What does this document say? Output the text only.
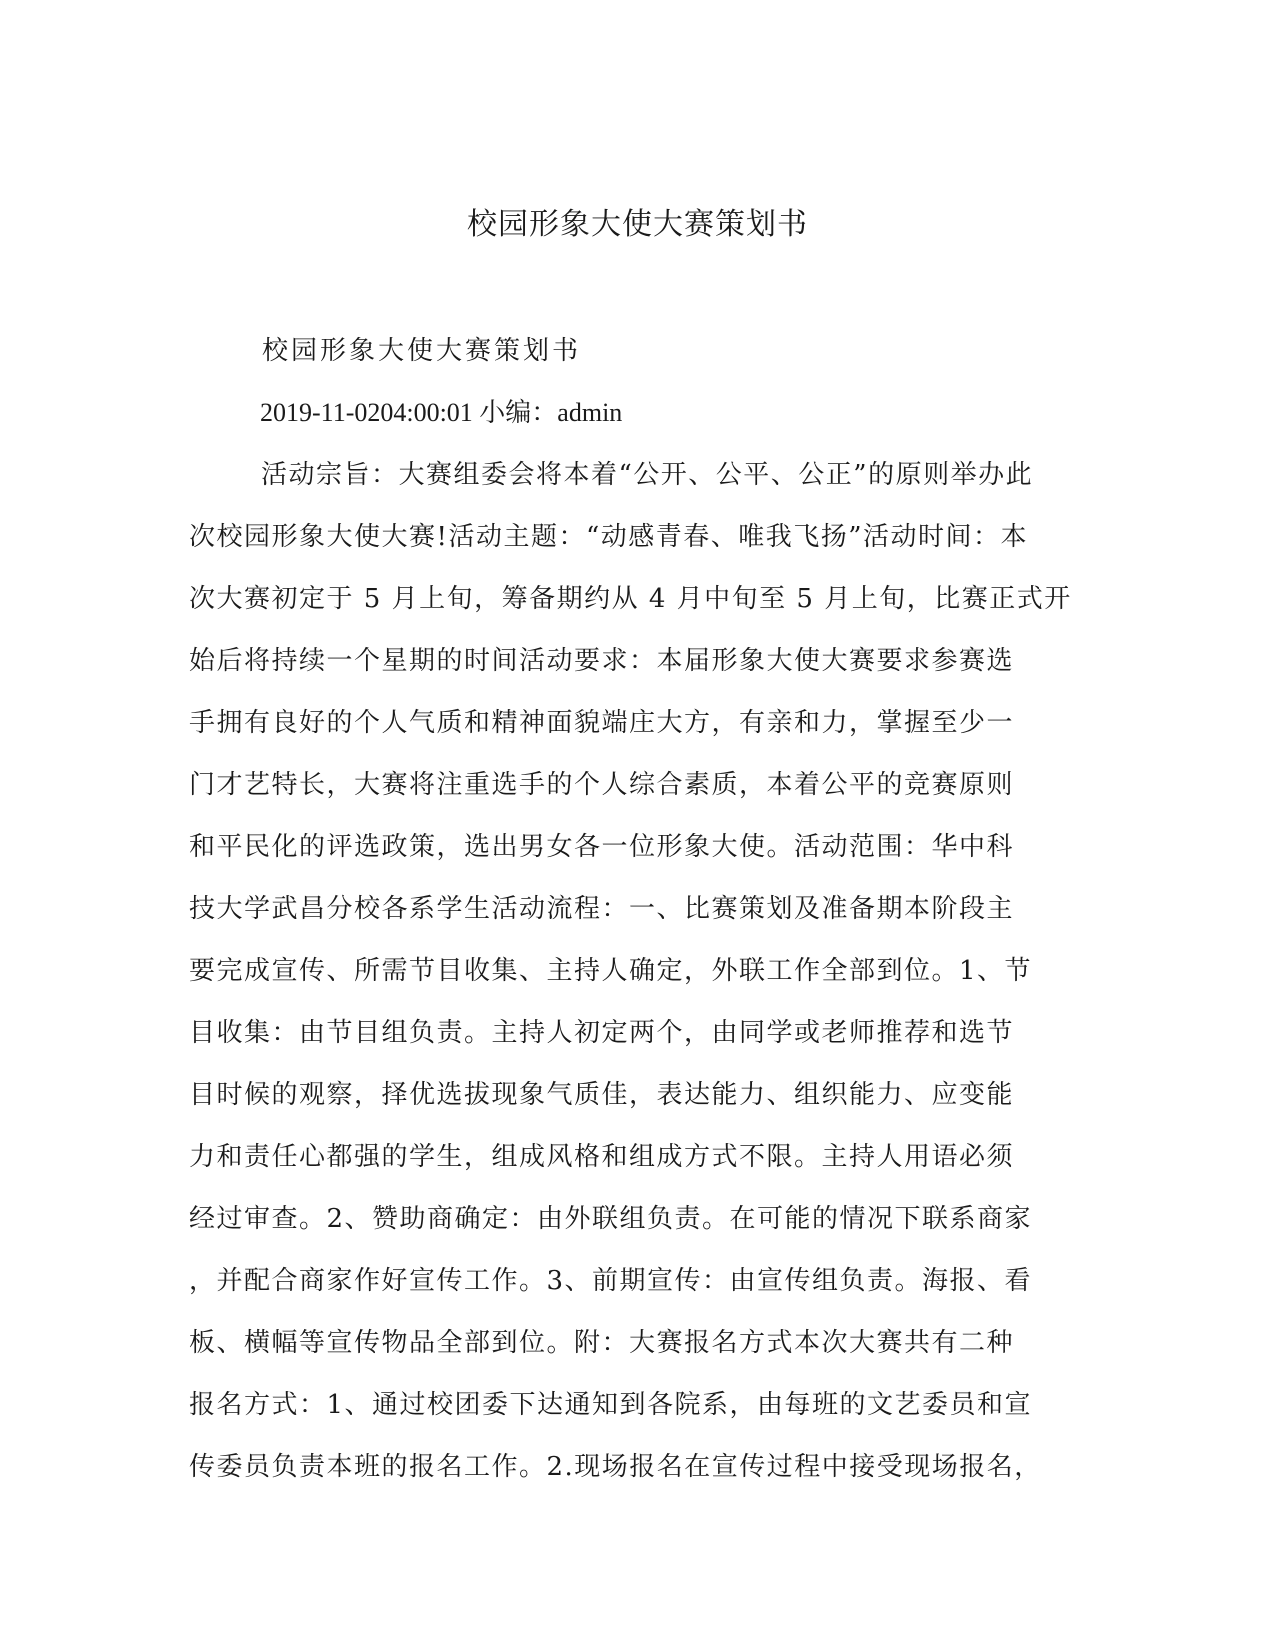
校园形象大使大赛策划书
校园形象大使大赛策划书
2019-11-0204:00:01 小编：admin
活动宗旨：大赛组委会将本着“公开、公平、公正”的原则举办此
次校园形象大使大赛!活动主题：“动感青春、唯我飞扬”活动时间：本
次大赛初定于 5 月上旬，筹备期约从 4 月中旬至 5 月上旬，比赛正式开
始后将持续一个星期的时间活动要求：本届形象大使大赛要求参赛选
手拥有良好的个人气质和精神面貌端庄大方，有亲和力，掌握至少一
门才艺特长，大赛将注重选手的个人综合素质，本着公平的竞赛原则
和平民化的评选政策，选出男女各一位形象大使。活动范围：华中科
技大学武昌分校各系学生活动流程：一、比赛策划及准备期本阶段主
要完成宣传、所需节目收集、主持人确定，外联工作全部到位。1、节
目收集：由节目组负责。主持人初定两个，由同学或老师推荐和选节
目时候的观察，择优选拔现象气质佳，表达能力、组织能力、应变能
力和责任心都强的学生，组成风格和组成方式不限。主持人用语必须
经过审查。2、赞助商确定：由外联组负责。在可能的情况下联系商家
，并配合商家作好宣传工作。3、前期宣传：由宣传组负责。海报、看
板、横幅等宣传物品全部到位。附：大赛报名方式本次大赛共有二种
报名方式：1、通过校团委下达通知到各院系，由每班的文艺委员和宣
传委员负责本班的报名工作。2.现场报名在宣传过程中接受现场报名，
